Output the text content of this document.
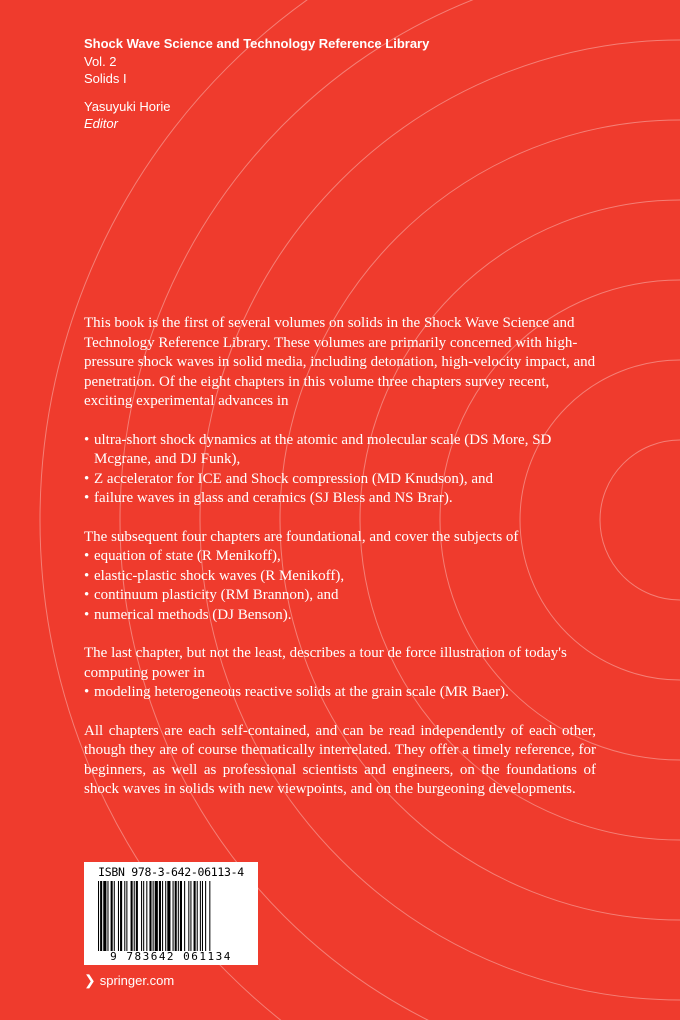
Shock Wave Science and Technology Reference Library
Vol. 2
Solids I
Yasuyuki Horie
Editor

This book is the first of several volumes on solids in the Shock Wave Science and Technology Reference Library. These volumes are primarily concerned with high-pressure shock waves in solid media, including detonation, high-velocity impact, and penetration. Of the eight chapters in this volume three chapters survey recent, exciting experimental advances in

• ultra-short shock dynamics at the atomic and molecular scale (DS More, SD Mcgrane, and DJ Funk),
• Z accelerator for ICE and Shock compression (MD Knudson), and
• failure waves in glass and ceramics (SJ Bless and NS Brar).

The subsequent four chapters are foundational, and cover the subjects of

• equation of state (R Menikoff),
• elastic-plastic shock waves (R Menikoff),
• continuum plasticity (RM Brannon), and
• numerical methods (DJ Benson).

The last chapter, but not the least, describes a tour de force illustration of today's computing power in

• modeling heterogeneous reactive solids at the grain scale (MR Baer).

All chapters are each self-contained, and can be read independently of each other, though they are of course thematically interrelated. They offer a timely reference, for beginners, as well as professional scientists and engineers, on the foundations of shock waves in solids with new viewpoints, and on the burgeoning developments.

ISBN 978-3-642-06113-4
9 783642 061134
❯ springer.com
